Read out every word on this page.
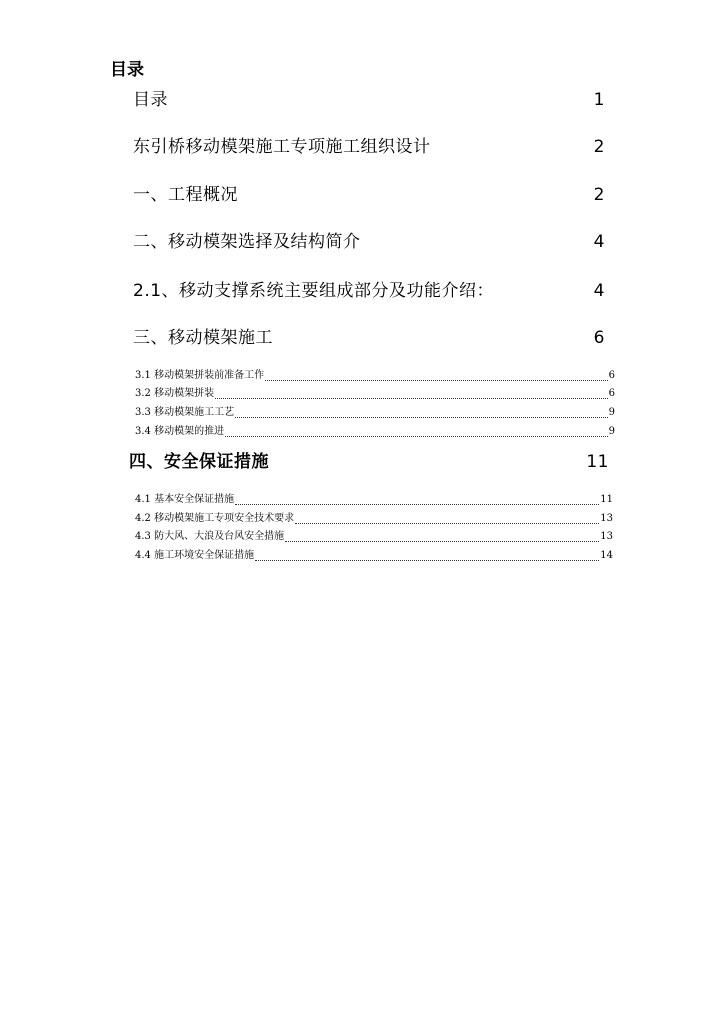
目录
目录	1
东引桥移动模架施工专项施工组织设计	2
一、工程概况	2
二、移动模架选择及结构简介	4
2.1、移动支撑系统主要组成部分及功能介绍：	4
三、移动模架施工	6
3.1 移动模架拼装前准备工作	6
3.2 移动模架拼装	6
3.3 移动模架施工工艺	9
3.4 移动模架的推进	9
四、安全保证措施	11
4.1 基本安全保证措施	11
4.2 移动模架施工专项安全技术要求	13
4.3 防大风、大浪及台风安全措施	13
4.4 施工环境安全保证措施	14
